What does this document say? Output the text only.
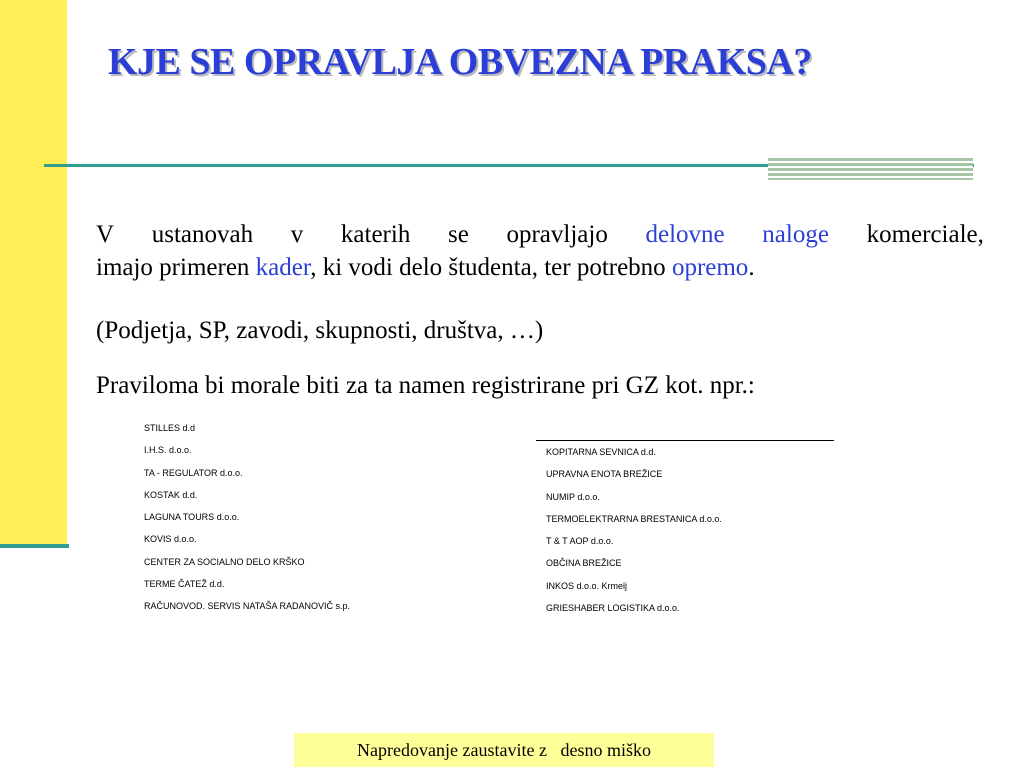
KJE SE OPRAVLJA OBVEZNA PRAKSA?
V ustanovah v katerih se opravljajo delovne naloge komerciale,
imajo primeren kader, ki vodi delo študenta, ter potrebno opremo.
(Podjetja, SP, zavodi, skupnosti, društva, …)
Praviloma bi morale biti za ta namen registrirane pri GZ kot. npr.:
STILLES d.d
I.H.S. d.o.o.
TA - REGULATOR d.o.o.
KOSTAK d.d.
LAGUNA TOURS d.o.o.
KOVIS d.o.o.
CENTER ZA SOCIALNO DELO KRŠKO
TERME ČATEŽ d.d.
RAČUNOVOD. SERVIS NATAŠA RADANOVIČ s.p.
KOPITARNA SEVNICA d.d.
UPRAVNA ENOTA BREŽICE
NUMIP d.o.o.
TERMOELEKTRARNA BRESTANICA d.o.o.
T & T AOP d.o.o.
OBČINA BREŽICE
INKOS d.o.o. Krmelj
GRIESHABER LOGISTIKA d.o.o.
Napredovanje zaustavite z   desno miško
